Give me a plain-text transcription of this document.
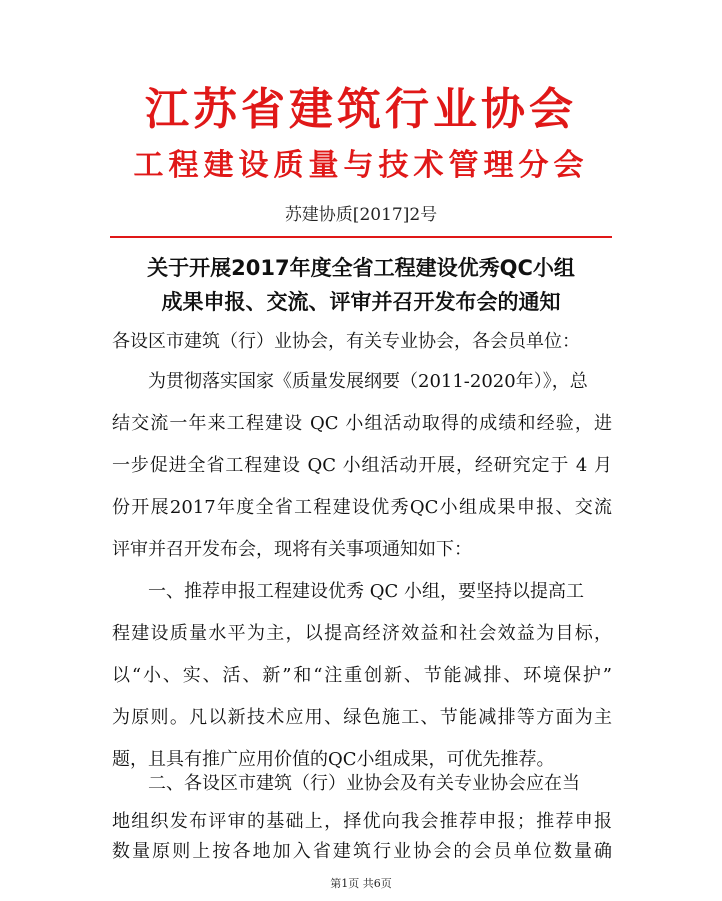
江苏省建筑行业协会
工程建设质量与技术管理分会
苏建协质[2017]2号
关于开展2017年度全省工程建设优秀QC小组
成果申报、交流、评审并召开发布会的通知
各设区市建筑（行）业协会，有关专业协会，各会员单位：
为贯彻落实国家《质量发展纲要（2011-2020年）》，总
结交流一年来工程建设 QC 小组活动取得的成绩和经验，进
一步促进全省工程建设 QC 小组活动开展，经研究定于 4 月
份开展2017年度全省工程建设优秀QC小组成果申报、交流
评审并召开发布会，现将有关事项通知如下：
一、推荐申报工程建设优秀 QC 小组，要坚持以提高工
程建设质量水平为主，以提高经济效益和社会效益为目标，
以“小、实、活、新”和“注重创新、节能减排、环境保护”
为原则。凡以新技术应用、绿色施工、节能减排等方面为主
题，且具有推广应用价值的QC小组成果，可优先推荐。
二、各设区市建筑（行）业协会及有关专业协会应在当
地组织发布评审的基础上，择优向我会推荐申报；推荐申报
第1页 共6页
数量原则上按各地加入省建筑行业协会的会员单位数量确
